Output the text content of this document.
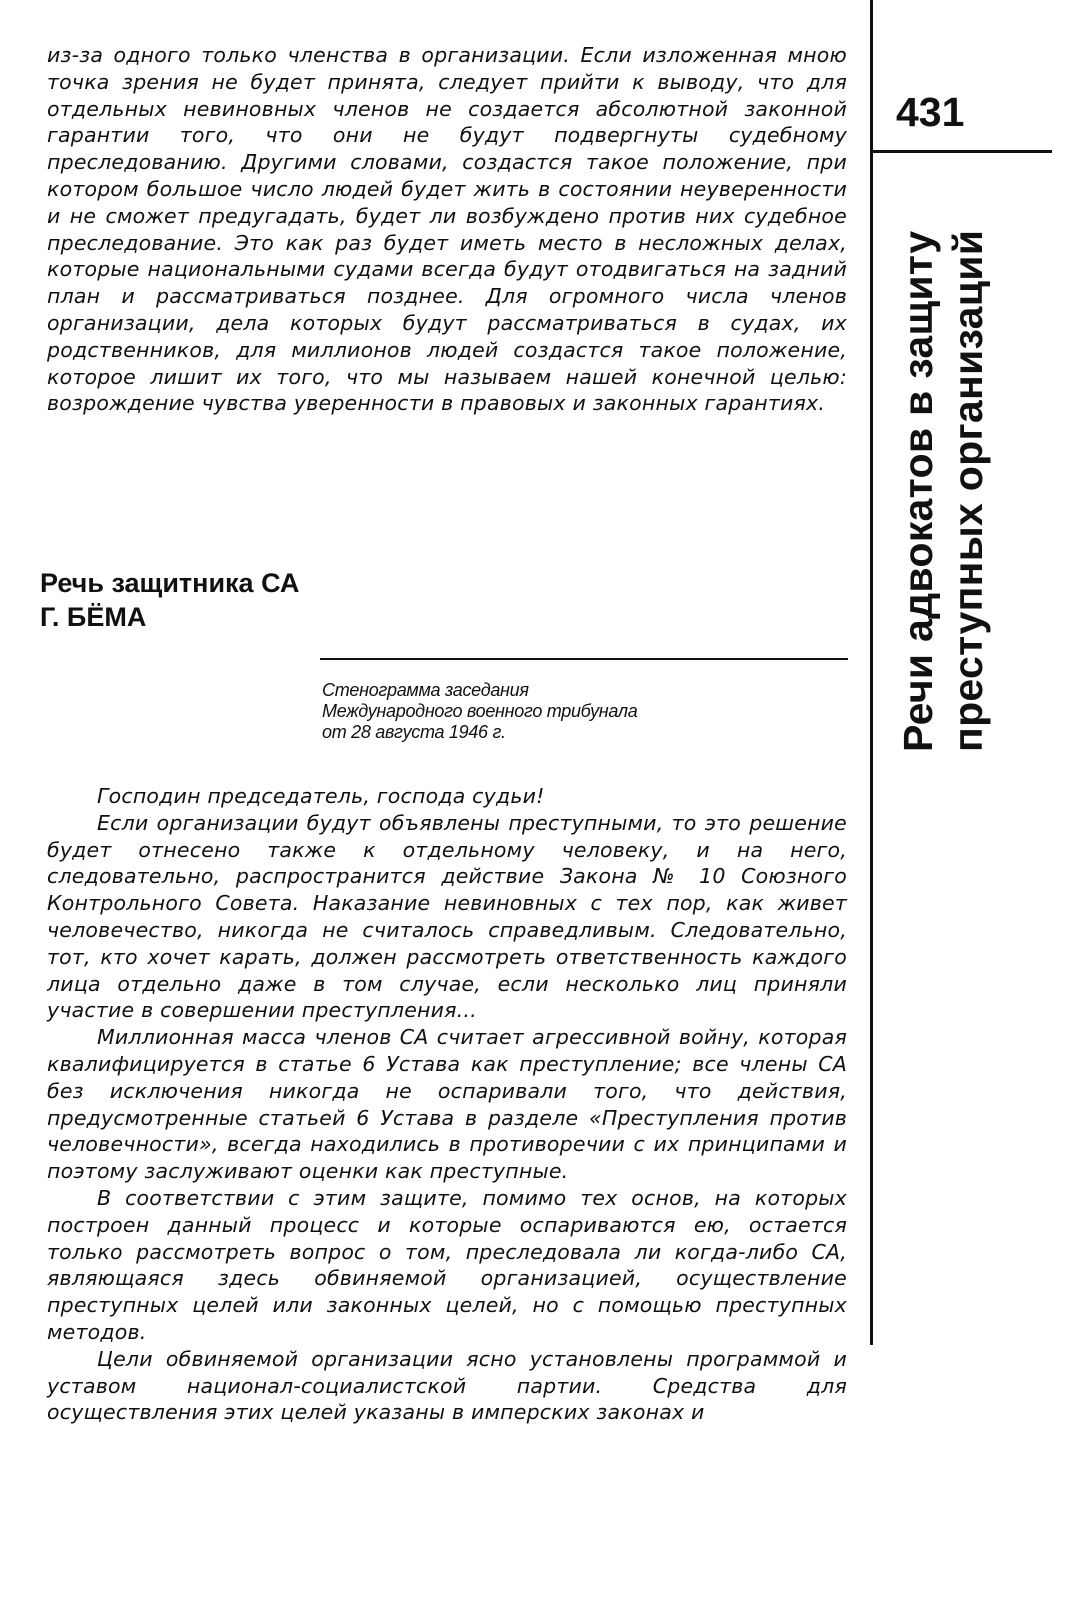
из-за одного только членства в организации. Если изложенная мною точка зрения не будет принята, следует прийти к выводу, что для отдельных невиновных членов не создается абсолютной законной гарантии того, что они не будут подвергнуты судебному преследованию. Другими словами, создастся такое положение, при котором большое число людей будет жить в состоянии неуверенности и не сможет предугадать, будет ли возбуждено против них судебное преследование. Это как раз будет иметь место в несложных делах, которые национальными судами всегда будут отодвигаться на задний план и рассматриваться позднее. Для огромного числа членов организации, дела которых будут рассматриваться в судах, их родственников, для миллионов людей создастся такое положение, которое лишит их того, что мы называем нашей конечной целью: возрождение чувства уверенности в правовых и законных гарантиях.

Речь защитника СА
Г. БЁМА
Стенограмма заседания
Международного военного трибунала
от 28 августа 1946 г.

Господин председатель, господа судьи!

Если организации будут объявлены преступными, то это решение будет отнесено также к отдельному человеку, и на него, следовательно, распространится действие Закона № 10 Союзного Контрольного Совета. Наказание невиновных с тех пор, как живет человечество, никогда не считалось справедливым. Следовательно, тот, кто хочет карать, должен рассмотреть ответственность каждого лица отдельно даже в том случае, если несколько лиц приняли участие в совершении преступления...

Миллионная масса членов СА считает агрессивной войну, которая квалифицируется в статье 6 Устава как преступление; все члены СА без исключения никогда не оспаривали того, что действия, предусмотренные статьей 6 Устава в разделе «Преступления против человечности», всегда находились в противоречии с их принципами и поэтому заслуживают оценки как преступные.

В соответствии с этим защите, помимо тех основ, на которых построен данный процесс и которые оспариваются ею, остается только рассмотреть вопрос о том, преследовала ли когда-либо СА, являющаяся здесь обвиняемой организацией, осуществление преступных целей или законных целей, но с помощью преступных методов.

Цели обвиняемой организации ясно установлены программой и уставом национал-социалистской партии. Средства для осуществления этих целей указаны в имперских законах и

431
Речи адвокатов в защиту преступных организаций
